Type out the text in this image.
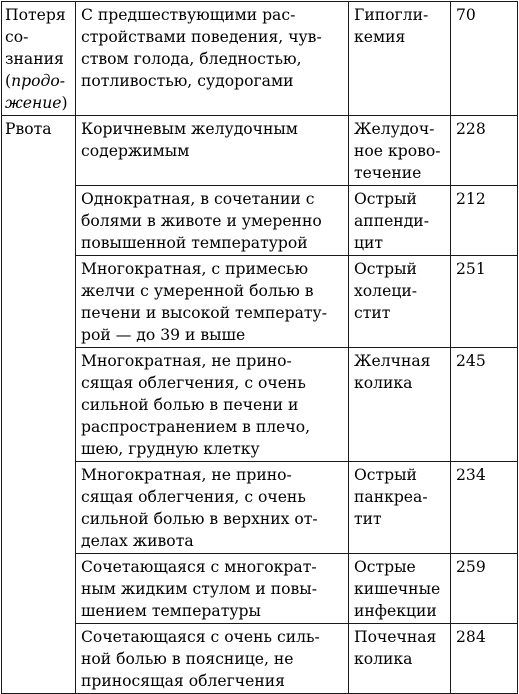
Потеря
со-
знания
(продо-
жение)	С предшествующими рас-
стройствами поведения, чув-
ством голода, бледностью,
потливостью, судорогами	Гипогли-
кемия	70
Рвота	Коричневым желудочным
содержимым	Желудоч-
ное крово-
течение	228
	Однократная, в сочетании с
болями в животе и умеренно
повышенной температурой	Острый
аппенди-
цит	212
	Многократная, с примесью
желчи с умеренной болью в
печени и высокой температу-
рой — до 39 и выше	Острый
холеци-
стит	251
	Многократная, не прино-
сящая облегчения, с очень
сильной болью в печени и
распространением в плечо,
шею, грудную клетку	Желчная
колика	245
	Многократная, не прино-
сящая облегчения, с очень
сильной болью в верхних от-
делах живота	Острый
панкреа-
тит	234
	Сочетающаяся с многократ-
ным жидким стулом и повы-
шением температуры	Острые
кишечные
инфекции	259
	Сочетающаяся с очень силь-
ной болью в пояснице, не
приносящая облегчения	Почечная
колика	284
